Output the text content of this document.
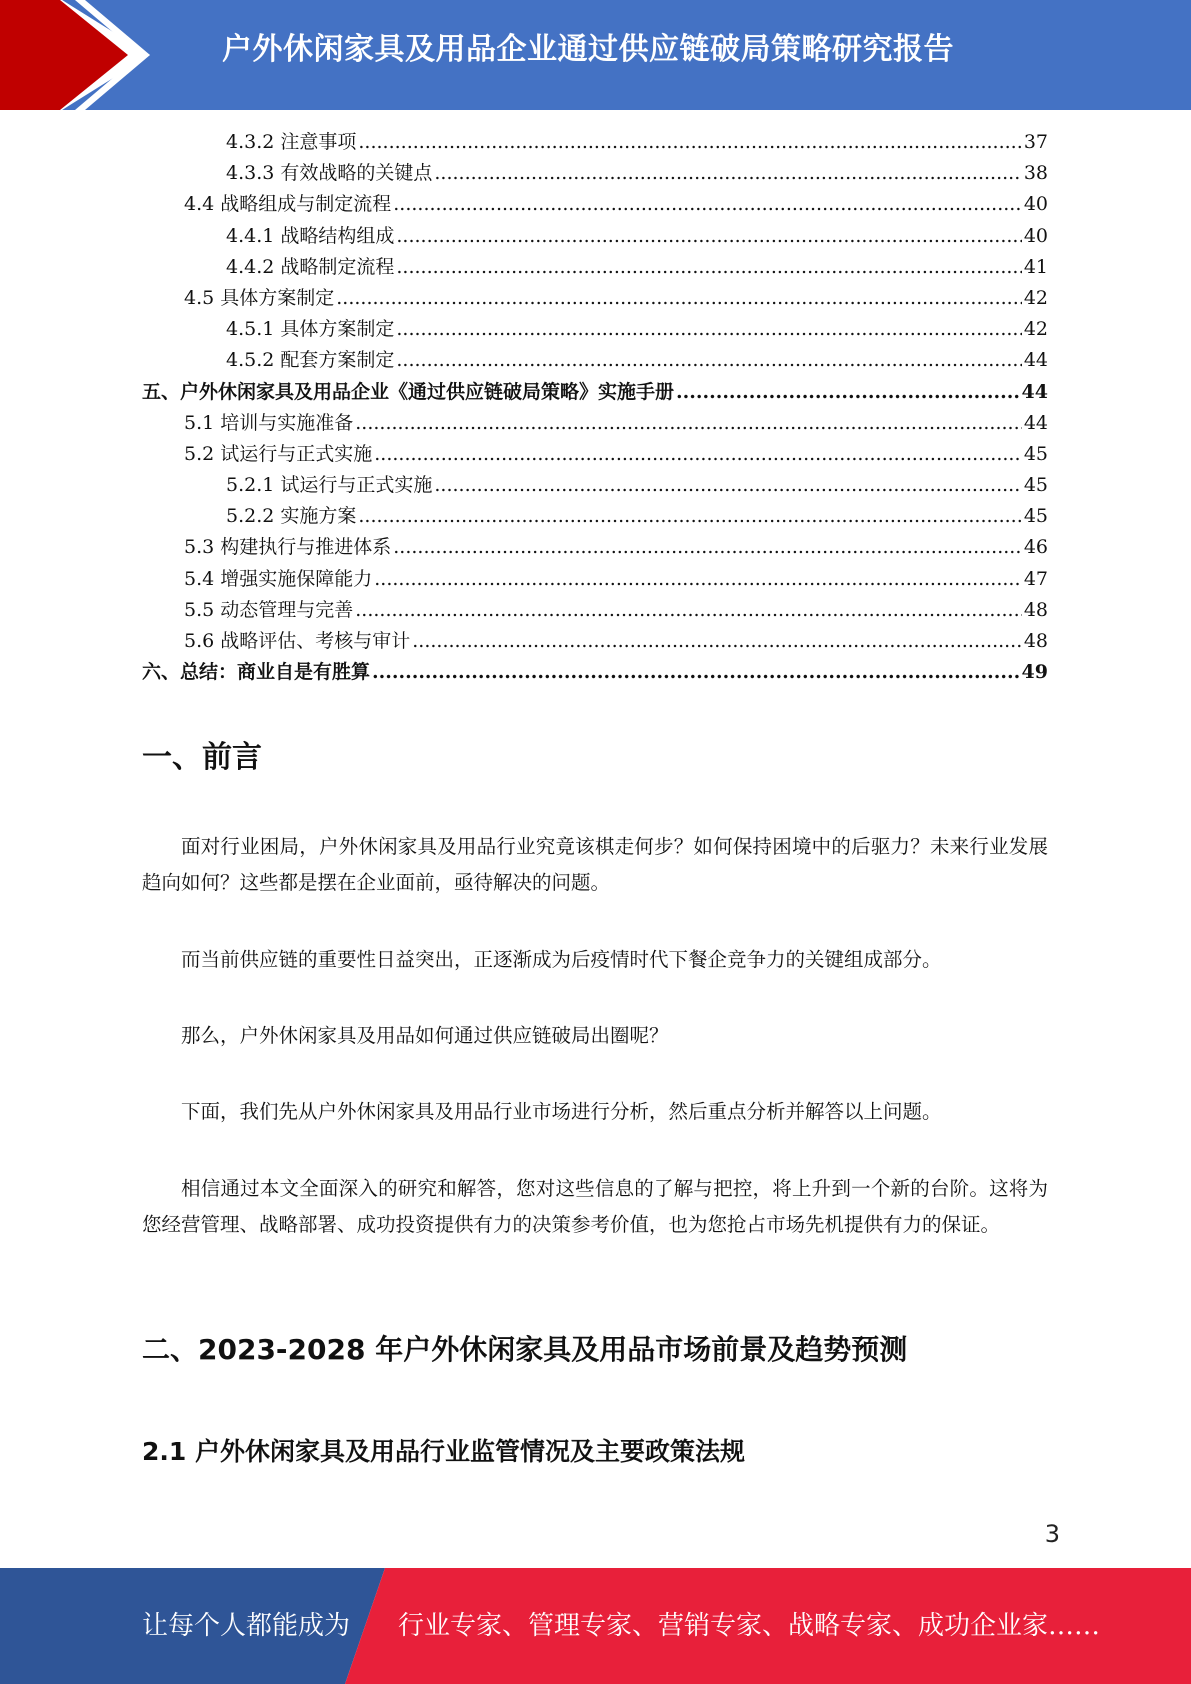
户外休闲家具及用品企业通过供应链破局策略研究报告
4.3.2 注意事项 .....	37
4.3.3 有效战略的关键点 .....	38
4.4 战略组成与制定流程 .....	40
4.4.1 战略结构组成 .....	40
4.4.2 战略制定流程 .....	41
4.5 具体方案制定 .....	42
4.5.1 具体方案制定 .....	42
4.5.2 配套方案制定 .....	44
五、户外休闲家具及用品企业《通过供应链破局策略》实施手册 .....	44
5.1 培训与实施准备 .....	44
5.2 试运行与正式实施 .....	45
5.2.1 试运行与正式实施 .....	45
5.2.2 实施方案 .....	45
5.3 构建执行与推进体系 .....	46
5.4 增强实施保障能力 .....	47
5.5 动态管理与完善 .....	48
5.6 战略评估、考核与审计 .....	48
六、总结：商业自是有胜算 .....	49
一、前言
面对行业困局，户外休闲家具及用品行业究竟该棋走何步？如何保持困境中的后驱力？未来行业发展趋向如何？这些都是摆在企业面前，亟待解决的问题。
而当前供应链的重要性日益突出，正逐渐成为后疫情时代下餐企竞争力的关键组成部分。
那么，户外休闲家具及用品如何通过供应链破局出圈呢？
下面，我们先从户外休闲家具及用品行业市场进行分析，然后重点分析并解答以上问题。
相信通过本文全面深入的研究和解答，您对这些信息的了解与把控，将上升到一个新的台阶。这将为您经营管理、战略部署、成功投资提供有力的决策参考价值，也为您抢占市场先机提供有力的保证。
二、2023-2028 年户外休闲家具及用品市场前景及趋势预测
2.1 户外休闲家具及用品行业监管情况及主要政策法规
3
让每个人都能成为 行业专家、管理专家、营销专家、战略专家、成功企业家……
